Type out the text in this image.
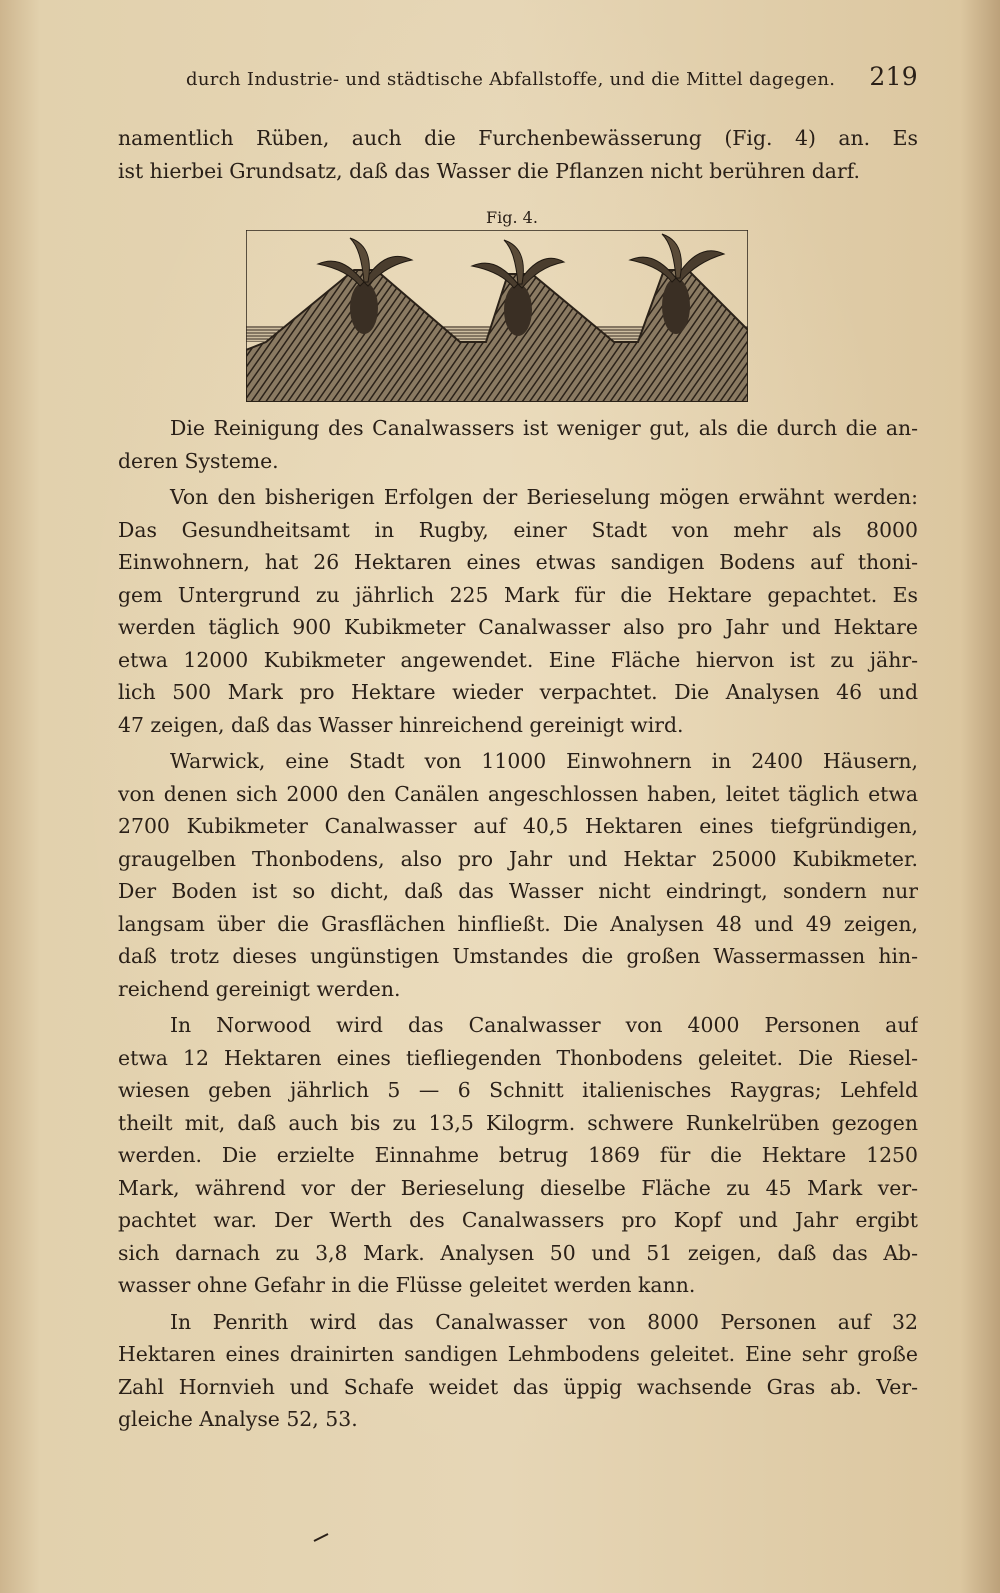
durch Industrie- und städtische Abfallstoffe, und die Mittel dagegen. 219
namentlich Rüben, auch die Furchenbewässerung (Fig. 4) an. Es
ist hierbei Grundsatz, daß das Wasser die Pflanzen nicht berühren darf.
Fig. 4.
Die Reinigung des Canalwassers ist weniger gut, als die durch die an-
deren Systeme.
Von den bisherigen Erfolgen der Berieselung mögen erwähnt werden:
Das Gesundheitsamt in Rugby, einer Stadt von mehr als 8000
Einwohnern, hat 26 Hektaren eines etwas sandigen Bodens auf thoni-
gem Untergrund zu jährlich 225 Mark für die Hektare gepachtet. Es
werden täglich 900 Kubikmeter Canalwasser also pro Jahr und Hektare
etwa 12000 Kubikmeter angewendet. Eine Fläche hiervon ist zu jähr-
lich 500 Mark pro Hektare wieder verpachtet. Die Analysen 46 und
47 zeigen, daß das Wasser hinreichend gereinigt wird.
Warwick, eine Stadt von 11000 Einwohnern in 2400 Häusern,
von denen sich 2000 den Canälen angeschlossen haben, leitet täglich etwa
2700 Kubikmeter Canalwasser auf 40,5 Hektaren eines tiefgründigen,
graugelben Thonbodens, also pro Jahr und Hektar 25000 Kubikmeter.
Der Boden ist so dicht, daß das Wasser nicht eindringt, sondern nur
langsam über die Grasflächen hinfließt. Die Analysen 48 und 49 zeigen,
daß trotz dieses ungünstigen Umstandes die großen Wassermassen hin-
reichend gereinigt werden.
In Norwood wird das Canalwasser von 4000 Personen auf
etwa 12 Hektaren eines tiefliegenden Thonbodens geleitet. Die Riesel-
wiesen geben jährlich 5 — 6 Schnitt italienisches Raygras; Lehfeld
theilt mit, daß auch bis zu 13,5 Kilogrm. schwere Runkelrüben gezogen
werden. Die erzielte Einnahme betrug 1869 für die Hektare 1250
Mark, während vor der Berieselung dieselbe Fläche zu 45 Mark ver-
pachtet war. Der Werth des Canalwassers pro Kopf und Jahr ergibt
sich darnach zu 3,8 Mark. Analysen 50 und 51 zeigen, daß das Ab-
wasser ohne Gefahr in die Flüsse geleitet werden kann.
In Penrith wird das Canalwasser von 8000 Personen auf 32
Hektaren eines drainirten sandigen Lehmbodens geleitet. Eine sehr große
Zahl Hornvieh und Schafe weidet das üppig wachsende Gras ab. Ver-
gleiche Analyse 52, 53.
